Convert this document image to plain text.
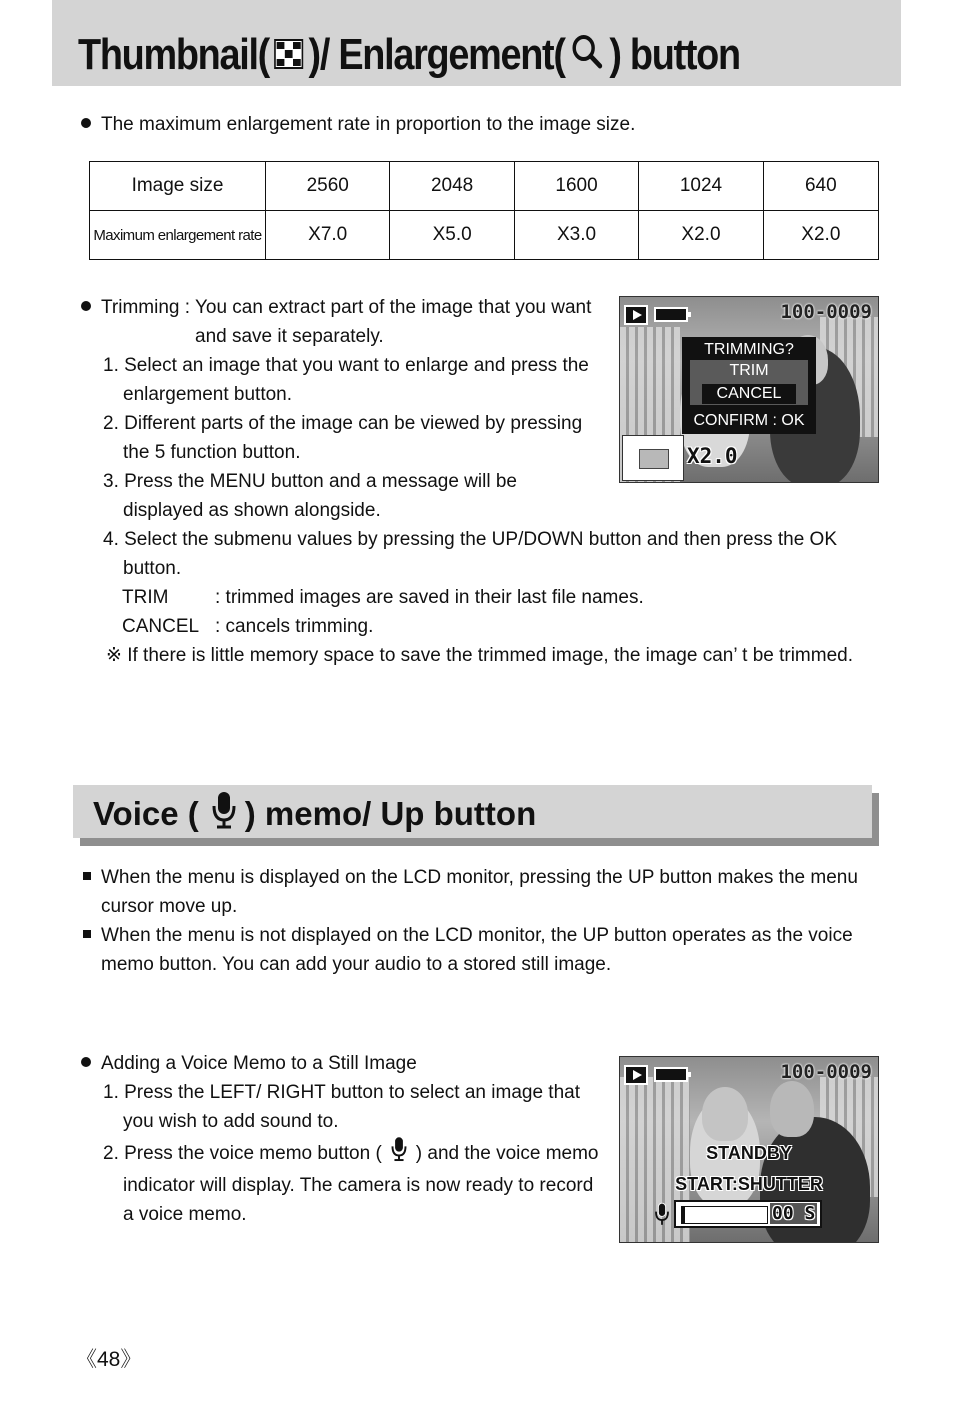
Thumbnail( )/ Enlargement( ) button
The maximum enlargement rate in proportion to the image size.
Image size	2560	2048	1600	1024	640
Maximum enlargement rate	X7.0	X5.0	X3.0	X2.0	X2.0
Trimming : You can extract part of the image that you want
and save it separately.
1. Select an image that you want to enlarge and press the
enlargement button.
2. Different parts of the image can be viewed by pressing
the 5 function button.
3. Press the MENU button and a message will be
displayed as shown alongside.
4. Select the submenu values by pressing the UP/DOWN button and then press the OK
button.
TRIM : trimmed images are saved in their last file names.
CANCEL : cancels trimming.
※ If there is little memory space to save the trimmed image, the image can’ t be trimmed.
100-0009
X2.0
TRIMMING?
TRIM
CANCEL
CONFIRM : OK
Voice ( ) memo/ Up button
When the menu is displayed on the LCD monitor, pressing the UP button makes the menu
cursor move up.
When the menu is not displayed on the LCD monitor, the UP button operates as the voice
memo button. You can add your audio to a stored still image.
Adding a Voice Memo to a Still Image
1. Press the LEFT/ RIGHT button to select an image that
you wish to add sound to.
2. Press the voice memo button ( ) and the voice memo
indicator will display. The camera is now ready to record
a voice memo.
100-0009
STANDBY
START:SHUTTER
00 S
《48》
